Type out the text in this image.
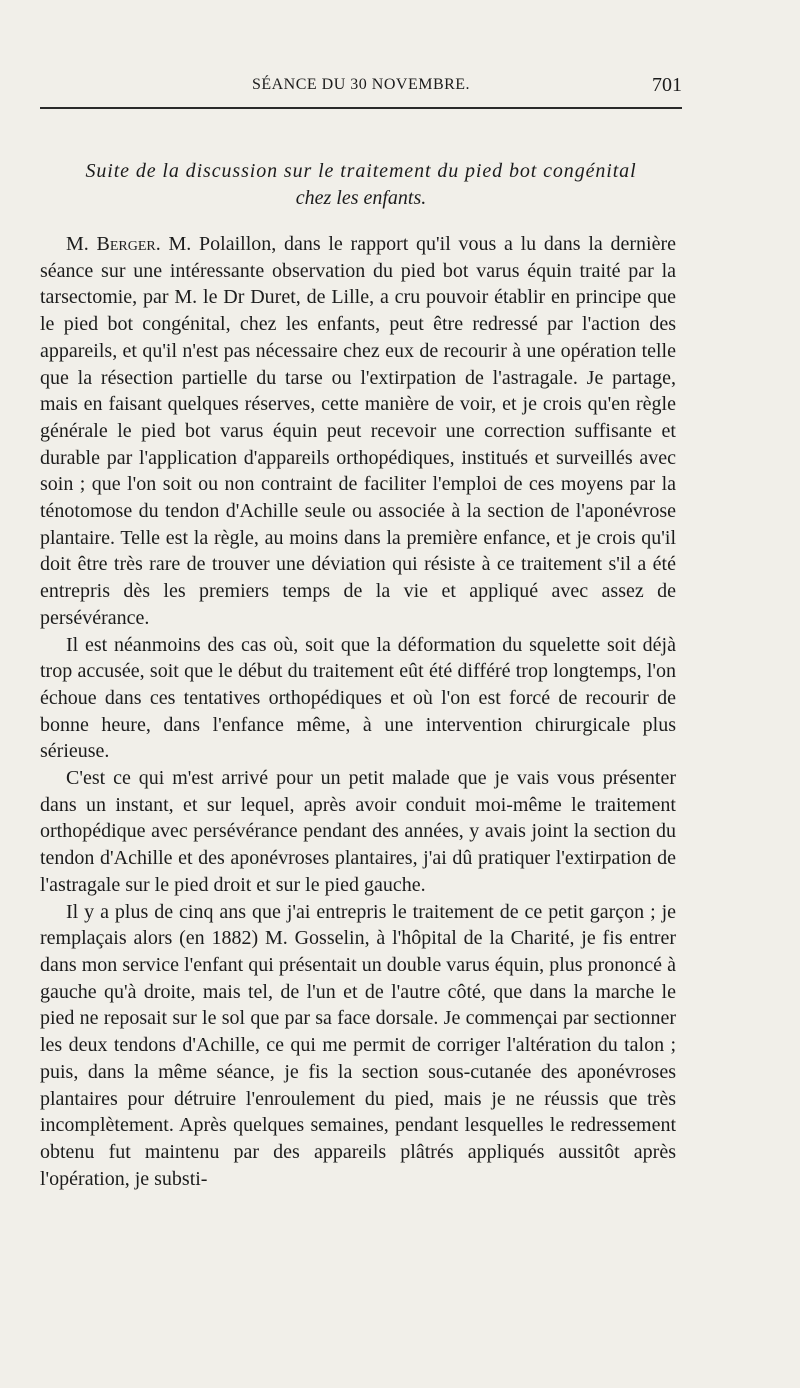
SÉANCE DU 30 NOVEMBRE.	701
Suite de la discussion sur le traitement du pied bot congénital
chez les enfants.

M. Berger. M. Polaillon, dans le rapport qu'il vous a lu dans la dernière séance sur une intéressante observation du pied bot varus équin traité par la tarsectomie, par M. le Dr Duret, de Lille, a cru pouvoir établir en principe que le pied bot congénital, chez les enfants, peut être redressé par l'action des appareils, et qu'il n'est pas nécessaire chez eux de recourir à une opération telle que la résection partielle du tarse ou l'extirpation de l'astragale. Je partage, mais en faisant quelques réserves, cette manière de voir, et je crois qu'en règle générale le pied bot varus équin peut recevoir une correction suffisante et durable par l'application d'appareils orthopédiques, institués et surveillés avec soin ; que l'on soit ou non contraint de faciliter l'emploi de ces moyens par la ténotomose du tendon d'Achille seule ou associée à la section de l'aponévrose plantaire. Telle est la règle, au moins dans la première enfance, et je crois qu'il doit être très rare de trouver une déviation qui résiste à ce traitement s'il a été entrepris dès les premiers temps de la vie et appliqué avec assez de persévérance.

Il est néanmoins des cas où, soit que la déformation du squelette soit déjà trop accusée, soit que le début du traitement eût été différé trop longtemps, l'on échoue dans ces tentatives orthopédiques et où l'on est forcé de recourir de bonne heure, dans l'enfance même, à une intervention chirurgicale plus sérieuse.

C'est ce qui m'est arrivé pour un petit malade que je vais vous présenter dans un instant, et sur lequel, après avoir conduit moi-même le traitement orthopédique avec persévérance pendant des années, y avais joint la section du tendon d'Achille et des aponévroses plantaires, j'ai dû pratiquer l'extirpation de l'astragale sur le pied droit et sur le pied gauche.

Il y a plus de cinq ans que j'ai entrepris le traitement de ce petit garçon ; je remplaçais alors (en 1882) M. Gosselin, à l'hôpital de la Charité, je fis entrer dans mon service l'enfant qui présentait un double varus équin, plus prononcé à gauche qu'à droite, mais tel, de l'un et de l'autre côté, que dans la marche le pied ne reposait sur le sol que par sa face dorsale. Je commençai par sectionner les deux tendons d'Achille, ce qui me permit de corriger l'altération du talon ; puis, dans la même séance, je fis la section sous-cutanée des aponévroses plantaires pour détruire l'enroulement du pied, mais je ne réussis que très incomplètement. Après quelques semaines, pendant lesquelles le redressement obtenu fut maintenu par des appareils plâtrés appliqués aussitôt après l'opération, je substi-
